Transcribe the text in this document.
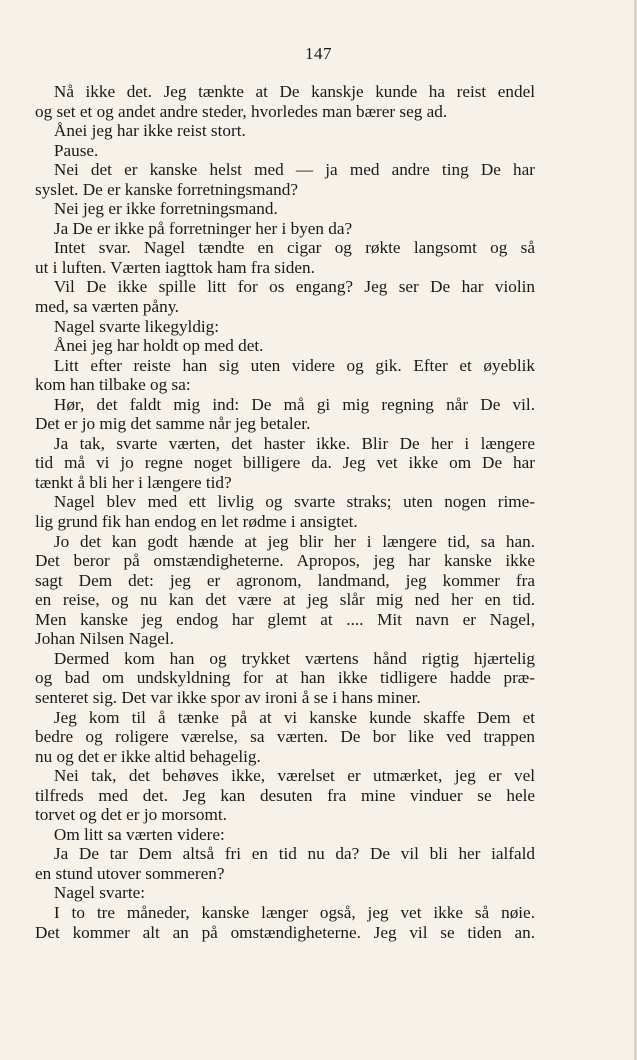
147
Nå ikke det. Jeg tænkte at De kanskje kunde ha reist endel
og set et og andet andre steder, hvorledes man bærer seg ad.
Ånei jeg har ikke reist stort.
Pause.
Nei det er kanske helst med — ja med andre ting De har
syslet. De er kanske forretningsmand?
Nei jeg er ikke forretningsmand.
Ja De er ikke på forretninger her i byen da?
Intet svar. Nagel tændte en cigar og røkte langsomt og så
ut i luften. Værten iagttok ham fra siden.
Vil De ikke spille litt for os engang? Jeg ser De har violin
med, sa værten pånу.
Nagel svarte likegyldig:
Ånei jeg har holdt op med det.
Litt efter reiste han sig uten videre og gik. Efter et øyeblik
kom han tilbake og sa:
Hør, det faldt mig ind: De må gi mig regning når De vil.
Det er jo mig det samme når jeg betaler.
Ja tak, svarte værten, det haster ikke. Blir De her i længere
tid må vi jo regne noget billigere da. Jeg vet ikke om De har
tænkt å bli her i længere tid?
Nagel blev med ett livlig og svarte straks; uten nogen rime-
lig grund fik han endog en let rødme i ansigtet.
Jo det kan godt hænde at jeg blir her i længere tid, sa han.
Det beror på omstændigheterne. Apropos, jeg har kanske ikke
sagt Dem det: jeg er agronom, landmand, jeg kommer fra
en reise, og nu kan det være at jeg slår mig ned her en tid.
Men kanske jeg endog har glemt at .... Mit navn er Nagel,
Johan Nilsen Nagel.
Dermed kom han og trykket værtens hånd rigtig hjærtelig
og bad om undskyldning for at han ikke tidligere hadde præ-
senteret sig. Det var ikke spor av ironi å se i hans miner.
Jeg kom til å tænke på at vi kanske kunde skaffe Dem et
bedre og roligere værelse, sa værten. De bor like ved trappen
nu og det er ikke altid behagelig.
Nei tak, det behøves ikke, værelset er utmærket, jeg er vel
tilfreds med det. Jeg kan desuten fra mine vinduer se hele
torvet og det er jo morsomt.
Om litt sa værten videre:
Ja De tar Dem altså fri en tid nu da? De vil bli her ialfald
en stund utover sommeren?
Nagel svarte:
I to tre måneder, kanske længer også, jeg vet ikke så nøie.
Det kommer alt an på omstændigheterne. Jeg vil se tiden an.
